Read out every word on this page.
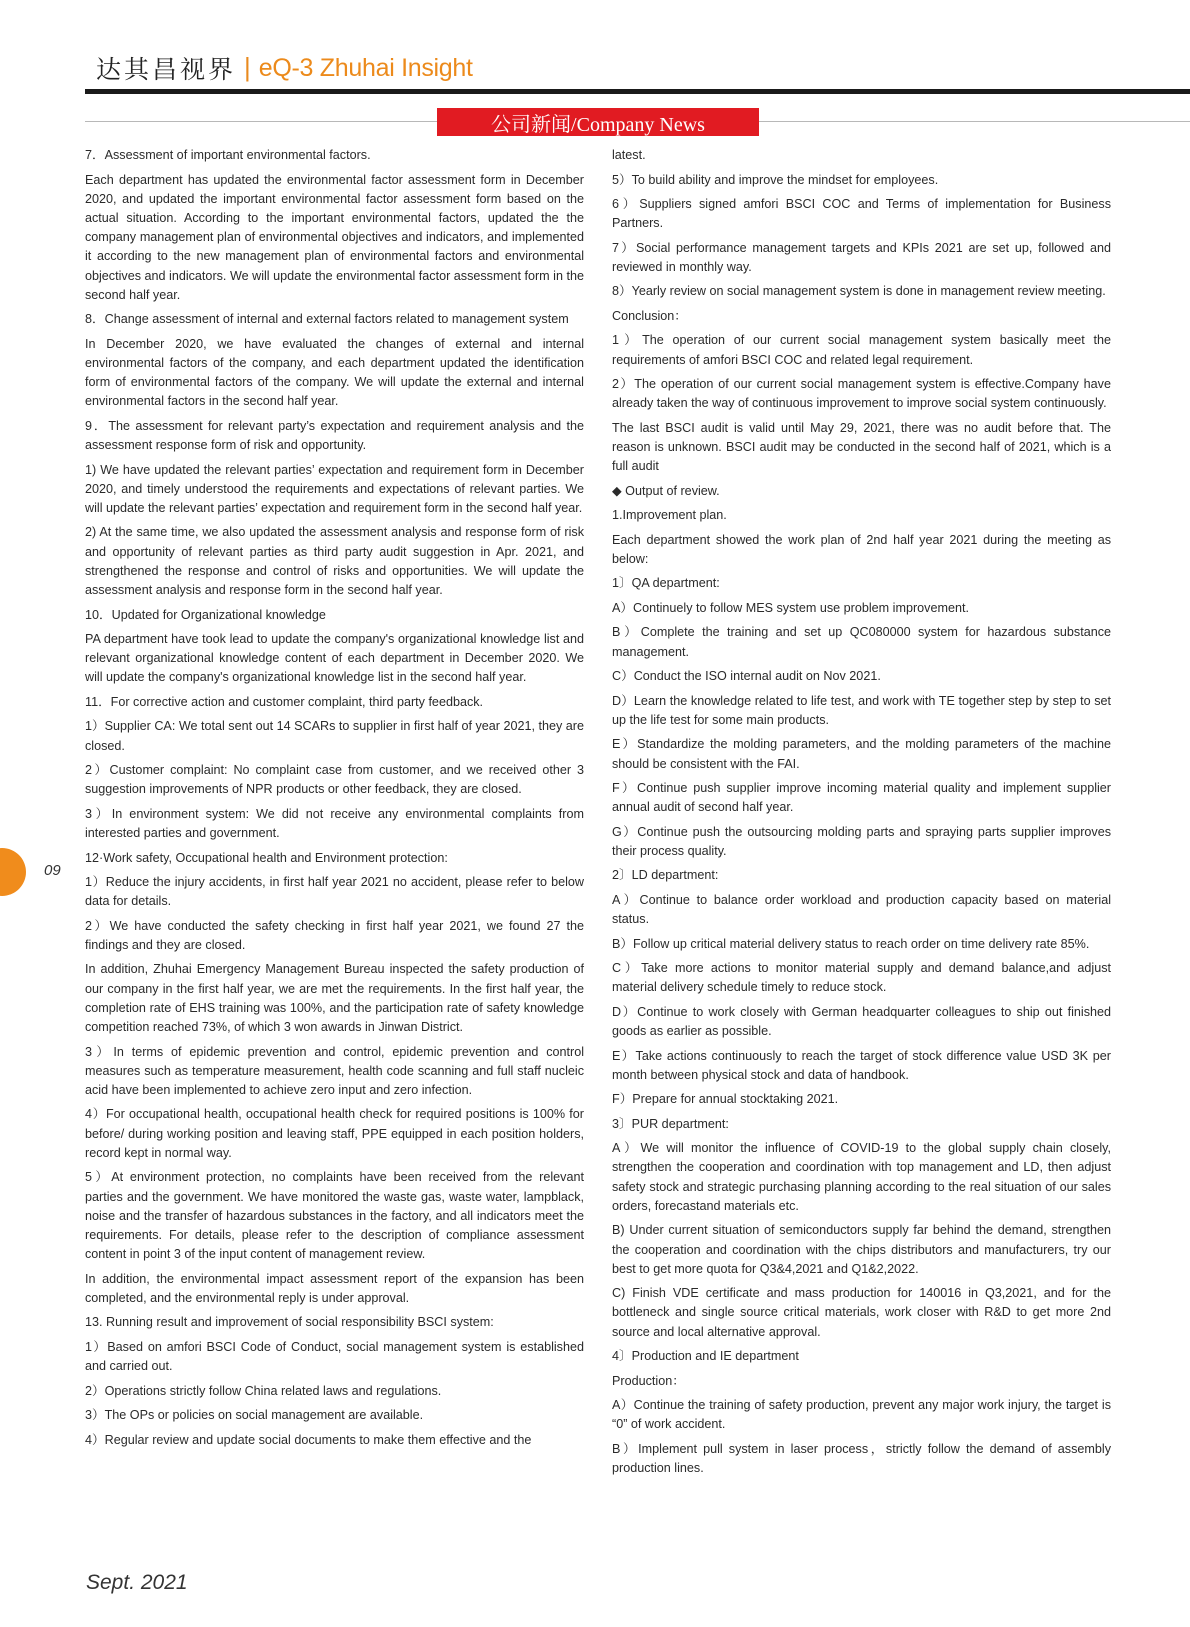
达其昌视界 | eQ-3 Zhuhai Insight
公司新闻/Company News

7．Assessment of important environmental factors.

Each department has updated the environmental factor assessment form in December 2020, and updated the important environmental factor assessment form based on the actual situation. According to the important environmental factors, updated the the company management plan of environmental objectives and indicators, and implemented it according to the new management plan of environmental factors and environmental objectives and indicators. We will update the environmental factor assessment form in the second half year.

8．Change assessment of internal and external factors related to management system

In December 2020, we have evaluated the changes of external and internal environmental factors of the company, and each department updated the identification form of environmental factors of the company. We will update the external and internal environmental factors in the second half year.

9．The assessment for relevant party’s expectation and requirement analysis and the assessment response form of risk and opportunity.

1) We have updated the relevant parties’ expectation and requirement form in December 2020, and timely understood the requirements and expectations of relevant parties. We will update the relevant parties’ expectation and requirement form in the second half year.

2) At the same time, we also updated the assessment analysis and response form of risk and opportunity of relevant parties as third party audit suggestion in Apr. 2021, and strengthened the response and control of risks and opportunities. We will update the assessment analysis and response form in the second half year.

10．Updated for Organizational knowledge

PA department have took lead to update the company's organizational knowledge list and relevant organizational knowledge content of each department in December 2020. We will update the company's organizational knowledge list in the second half year.

11．For corrective action and customer complaint, third party feedback.

1）Supplier CA: We total sent out 14 SCARs to supplier in first half of year 2021, they are closed.

2）Customer complaint: No complaint case from customer, and we received other 3 suggestion improvements of NPR products or other feedback, they are closed.

3）In environment system: We did not receive any environmental complaints from interested parties and government.

12·Work safety, Occupational health and Environment protection:

1）Reduce the injury accidents, in first half year 2021 no accident, please refer to below data for details.

2）We have conducted the safety checking in first half year 2021, we found 27 the findings and they are closed.

In addition, Zhuhai Emergency Management Bureau inspected the safety production of our company in the first half year, we are met the requirements. In the first half year, the completion rate of EHS training was 100%, and the participation rate of safety knowledge competition reached 73%, of which 3 won awards in Jinwan District.

3）In terms of epidemic prevention and control, epidemic prevention and control measures such as temperature measurement, health code scanning and full staff nucleic acid have been implemented to achieve zero input and zero infection.

4）For occupational health, occupational health check for required positions is 100% for before/ during working position and leaving staff, PPE equipped in each position holders, record kept in normal way.

5）At environment protection, no complaints have been received from the relevant parties and the government. We have monitored the waste gas, waste water, lampblack, noise and the transfer of hazardous substances in the factory, and all indicators meet the requirements. For details, please refer to the description of compliance assessment content in point 3 of the input content of management review.

In addition, the environmental impact assessment report of the expansion has been completed, and the environmental reply is under approval.

13. Running result and improvement of social responsibility BSCI system:

1）Based on amfori BSCI Code of Conduct, social management system is established and carried out.

2）Operations strictly follow China related laws and regulations.

3）The OPs or policies on social management are available.

4）Regular review and update social documents to make them effective and the

latest.

5）To build ability and improve the mindset for employees.

6）Suppliers signed amfori BSCI COC and Terms of implementation for Business Partners.

7）Social performance management targets and KPIs 2021 are set up, followed and reviewed in monthly way.

8）Yearly review on social management system is done in management review meeting.

Conclusion：

1）The operation of our current social management system basically meet the requirements of amfori BSCI COC and related legal requirement.

2）The operation of our current social management system is effective.Company have already taken the way of continuous improvement to improve social system continuously.

The last BSCI audit is valid until May 29, 2021, there was no audit before that. The reason is unknown. BSCI audit may be conducted in the second half of 2021, which is a full audit

◆ Output of review.

1.Improvement plan.

Each department showed the work plan of 2nd half year 2021 during the meeting as below:

1〕QA department:

A）Continuely to follow MES system use problem improvement.

B）Complete the training and set up QC080000 system for hazardous substance management.

C）Conduct the ISO internal audit on Nov 2021.

D）Learn the knowledge related to life test, and work with TE together step by step to set up the life test for some main products.

E）Standardize the molding parameters, and the molding parameters of the machine should be consistent with the FAI.

F）Continue push supplier improve incoming material quality and implement supplier annual audit of second half year.

G）Continue push the outsourcing molding parts and spraying parts supplier improves their process quality.

2〕LD department:

A）Continue to balance order workload and production capacity based on material status.

B）Follow up critical material delivery status to reach order on time delivery rate 85%.

C）Take more actions to monitor material supply and demand balance,and adjust material delivery schedule timely to reduce stock.

D）Continue to work closely with German headquarter colleagues to ship out finished goods as earlier as possible.

E）Take actions continuously to reach the target of stock difference value USD 3K per month between physical stock and data of handbook.

F）Prepare for annual stocktaking 2021.

3〕PUR department:

A）We will monitor the influence of COVID-19 to the global supply chain closely, strengthen the cooperation and coordination with top management and LD, then adjust safety stock and strategic purchasing planning according to the real situation of our sales orders, forecastand materials etc.

B) Under current situation of semiconductors supply far behind the demand, strengthen the cooperation and coordination with the chips distributors and manufacturers, try our best to get more quota for Q3&4,2021 and Q1&2,2022.

C) Finish VDE certificate and mass production for 140016 in Q3,2021, and for the bottleneck and single source critical materials, work closer with R&D to get more 2nd source and local alternative approval.

4〕Production and IE department

Production：

A）Continue the training of safety production, prevent any major work injury, the target is “0” of work accident.

B）Implement pull system in laser process，strictly follow the demand of assembly production lines.

09
Sept. 2021
